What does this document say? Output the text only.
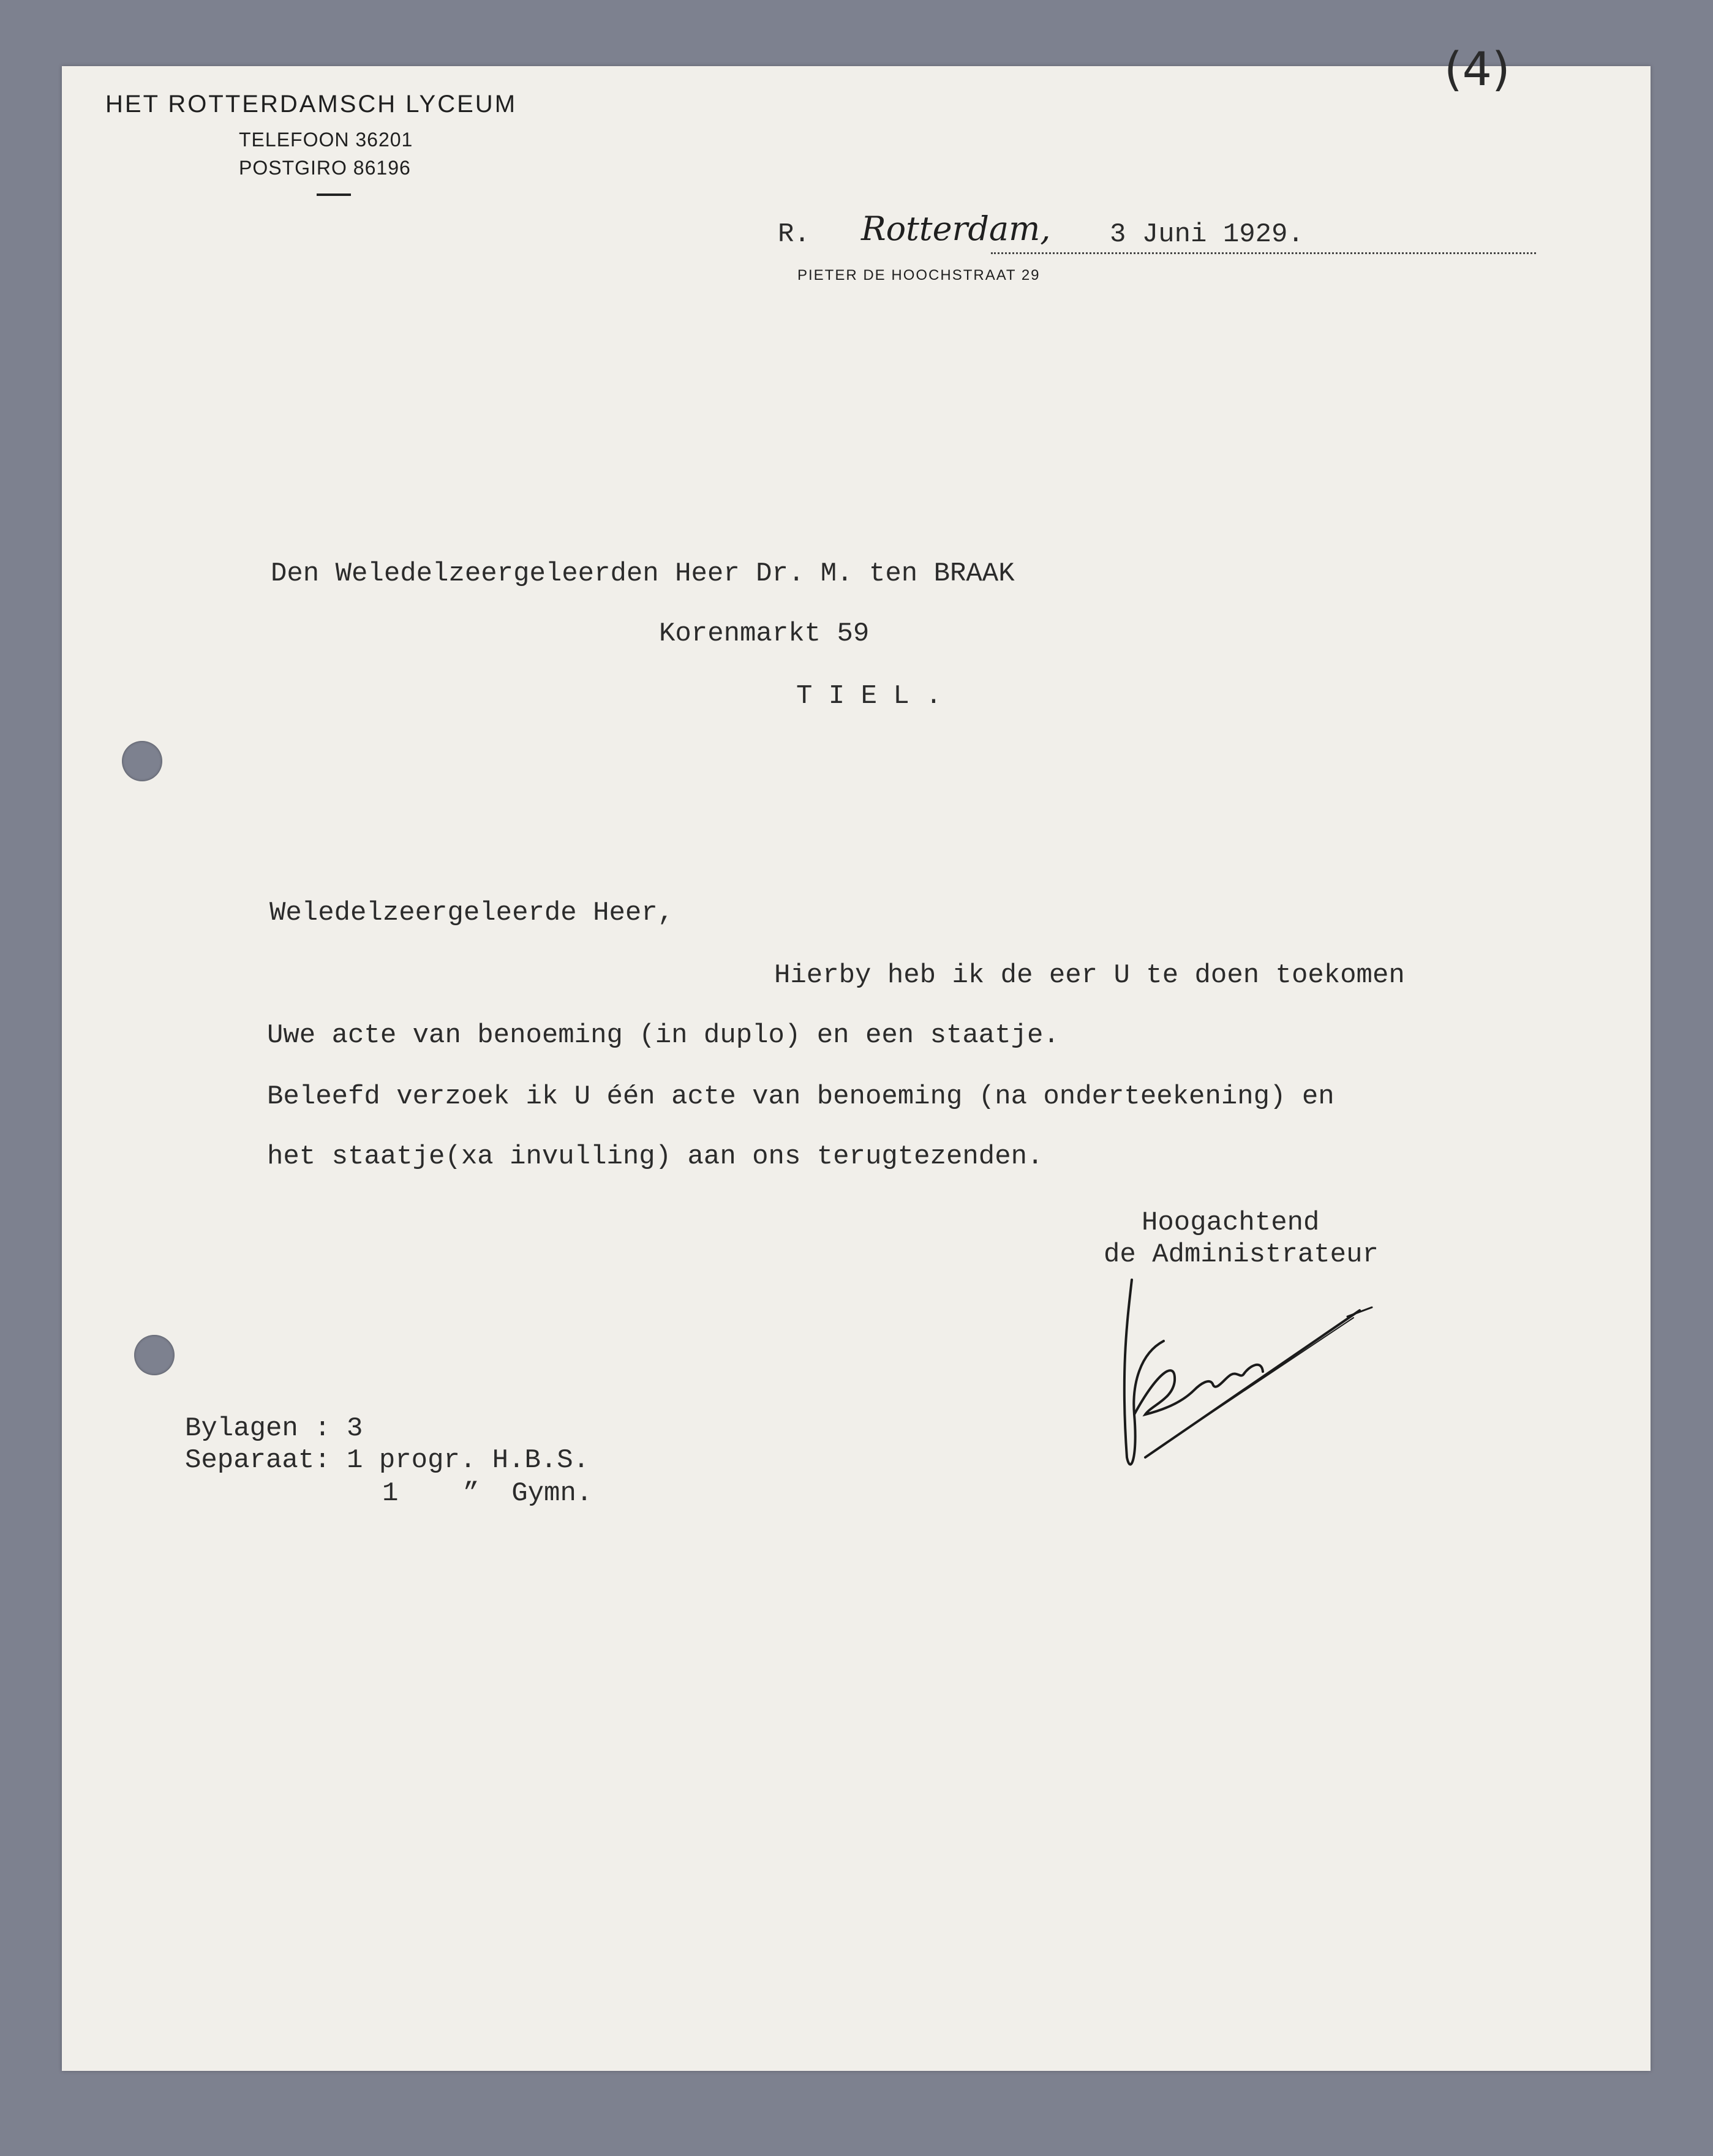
HET ROTTERDAMSCH LYCEUM
TELEFOON 36201
POSTGIRO 86196
(4)
R. Rotterdam, 3 Juni 1929.
PIETER DE HOOCHSTRAAT 29
Den Weledelzeergeleerden Heer Dr. M. ten BRAAK
Korenmarkt 59
T I E L .
Weledelzeergeleerde Heer,
Hierby heb ik de eer U te doen toekomen
Uwe acte van benoeming (in duplo) en een staatje.
Beleefd verzoek ik U één acte van benoeming (na onderteekening) en
het staatje(xa invulling) aan ons terugtezenden.
Hoogachtend
de Administrateur
Bylagen : 3
Separaat: 1 progr. H.B.S.
1    ”  Gymn.
